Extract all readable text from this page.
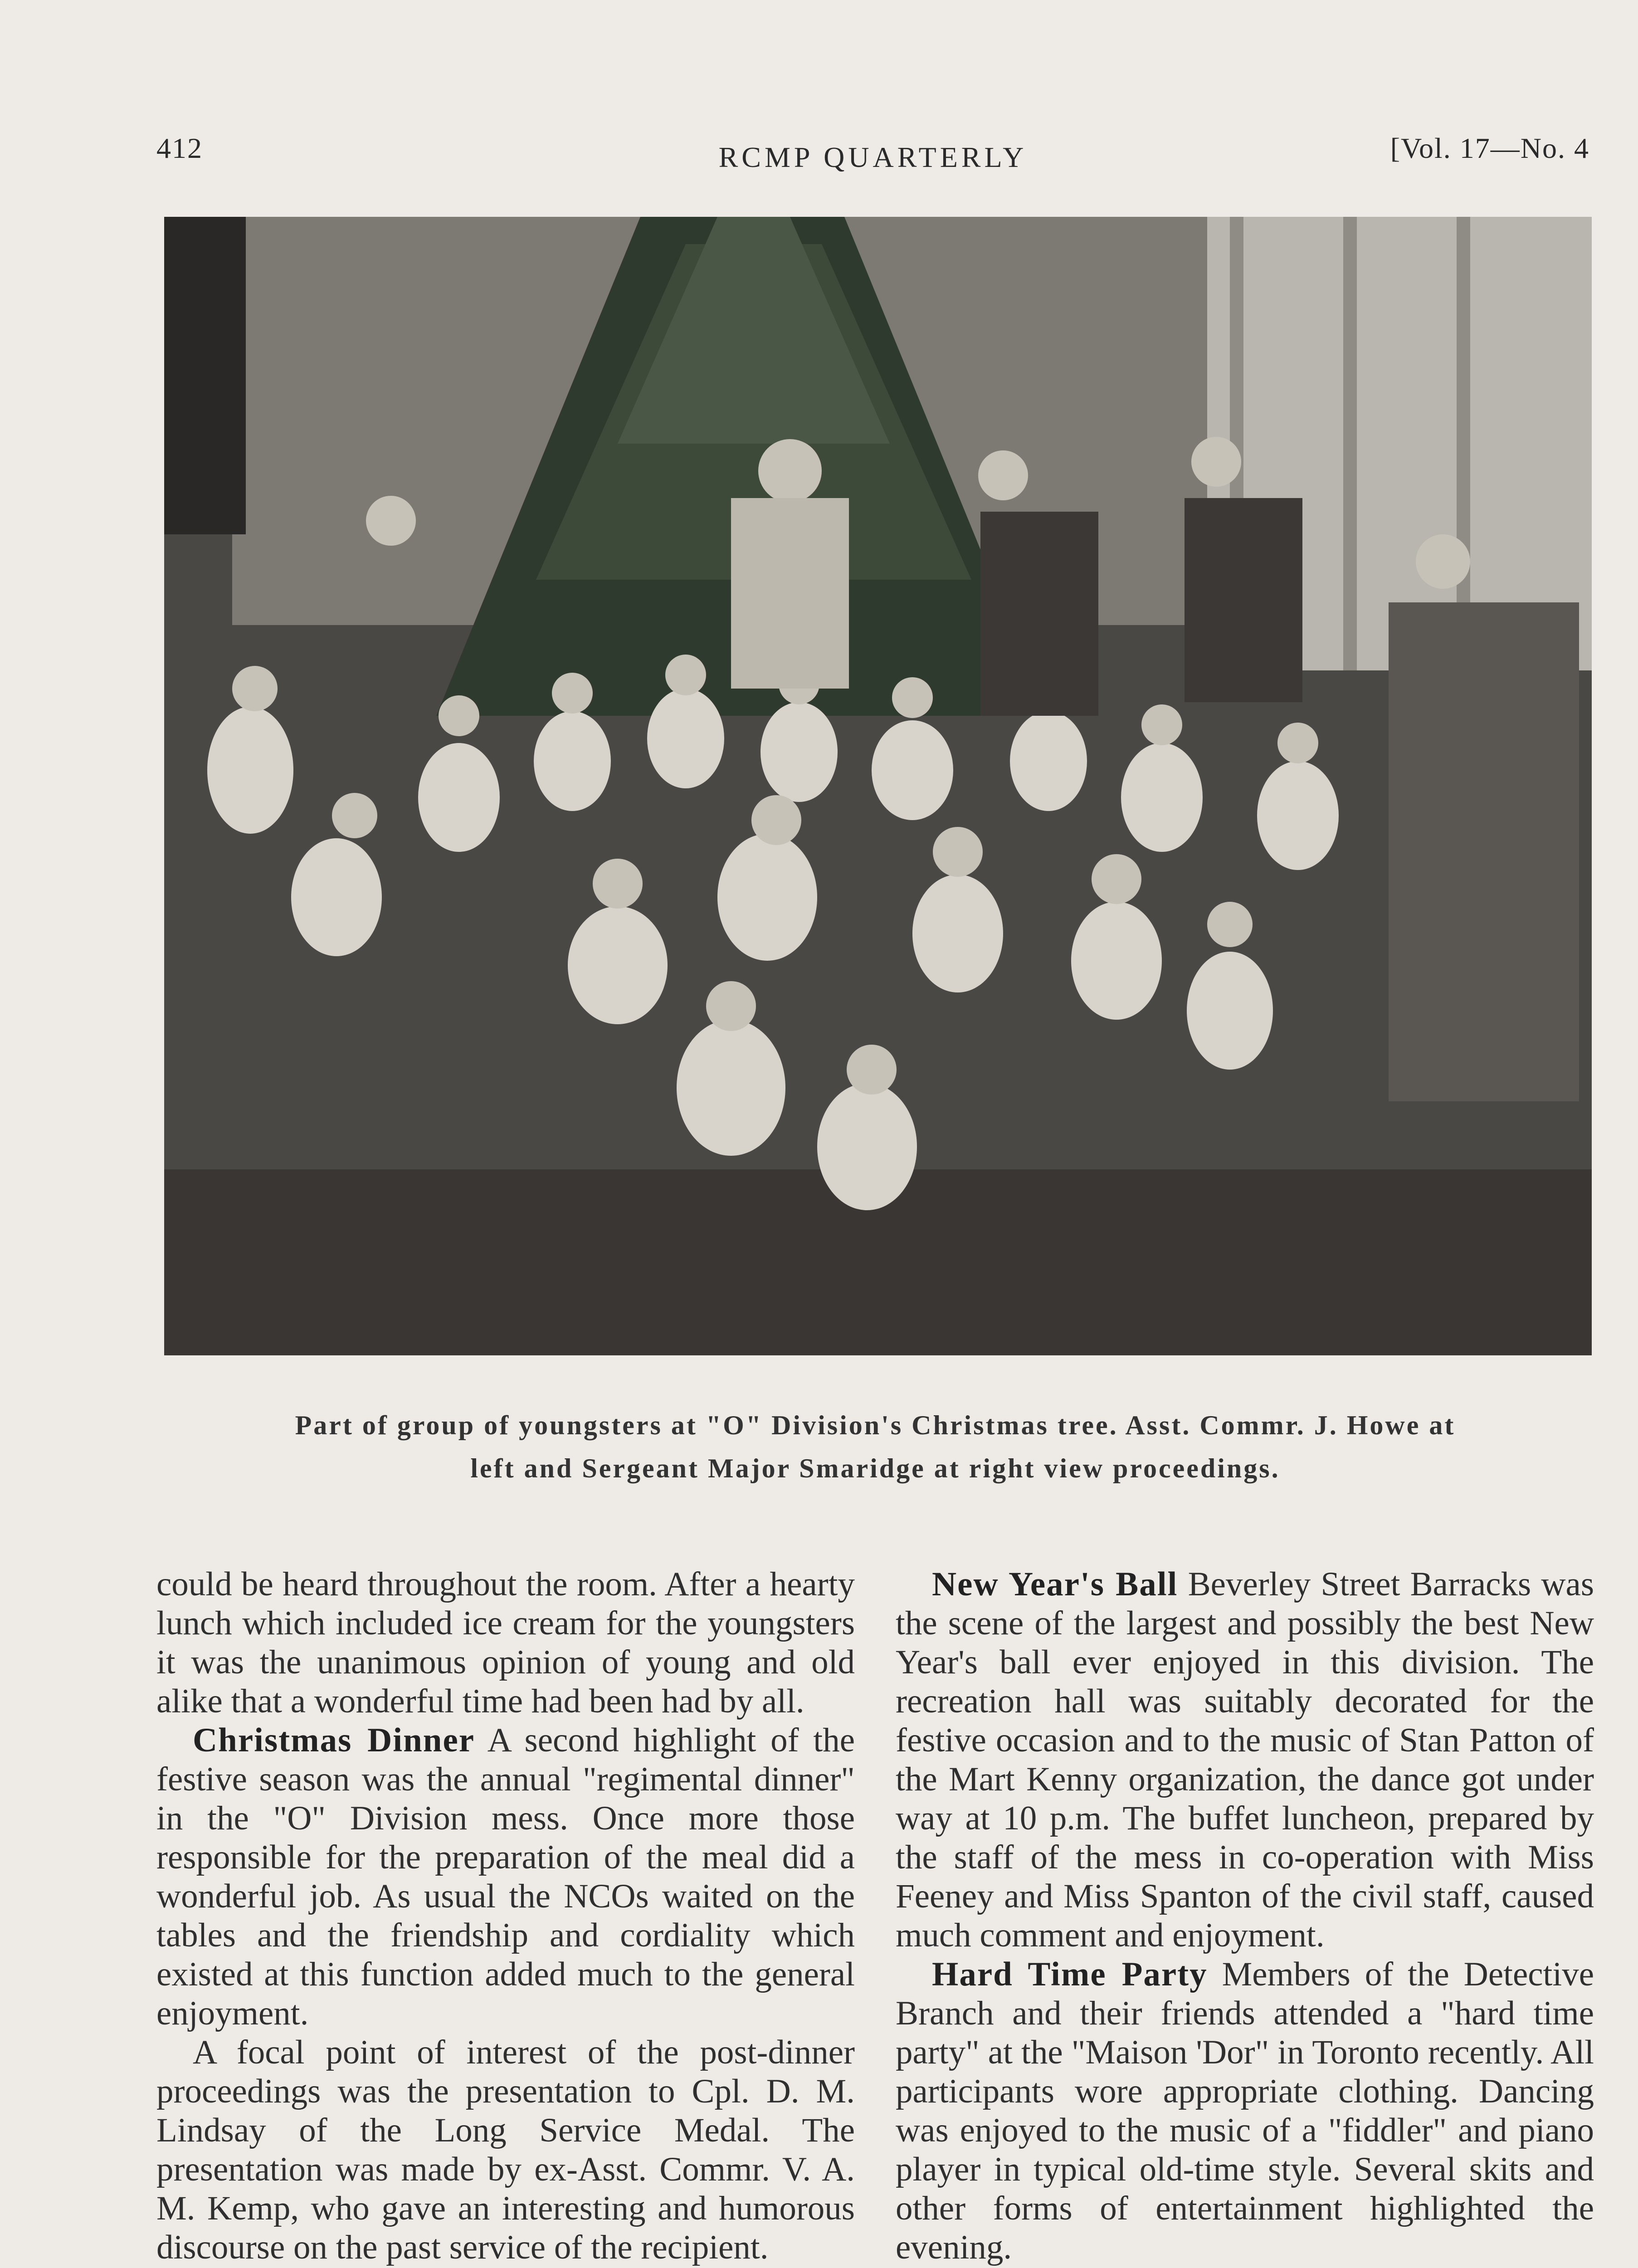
412	RCMP QUARTERLY	[Vol. 17—No. 4
Part of group of youngsters at "O" Division's Christmas tree. Asst. Commr. J. Howe at
left and Sergeant Major Smaridge at right view proceedings.

could be heard throughout the room. After a hearty lunch which included ice cream for the youngsters it was the unanimous opinion of young and old alike that a wonderful time had been had by all.

Christmas Dinner A second highlight of the festive season was the annual "regimental dinner" in the "O" Division mess. Once more those responsible for the preparation of the meal did a wonderful job. As usual the NCOs waited on the tables and the friendship and cordiality which existed at this function added much to the general enjoyment.

A focal point of interest of the post-dinner proceedings was the presentation to Cpl. D. M. Lindsay of the Long Service Medal. The presentation was made by ex-Asst. Commr. V. A. M. Kemp, who gave an interesting and humorous discourse on the past service of the recipient.

New Year's Ball Beverley Street Barracks was the scene of the largest and possibly the best New Year's ball ever enjoyed in this division. The recreation hall was suitably decorated for the festive occasion and to the music of Stan Patton of the Mart Kenny organization, the dance got under way at 10 p.m. The buffet luncheon, prepared by the staff of the mess in co-operation with Miss Feeney and Miss Spanton of the civil staff, caused much comment and enjoyment.

Hard Time Party Members of the Detective Branch and their friends attended a "hard time party" at the "Maison 'Dor" in Toronto recently. All participants wore appropriate clothing. Dancing was enjoyed to the music of a "fiddler" and piano player in typical old-time style. Several skits and other forms of entertainment highlighted the evening.
